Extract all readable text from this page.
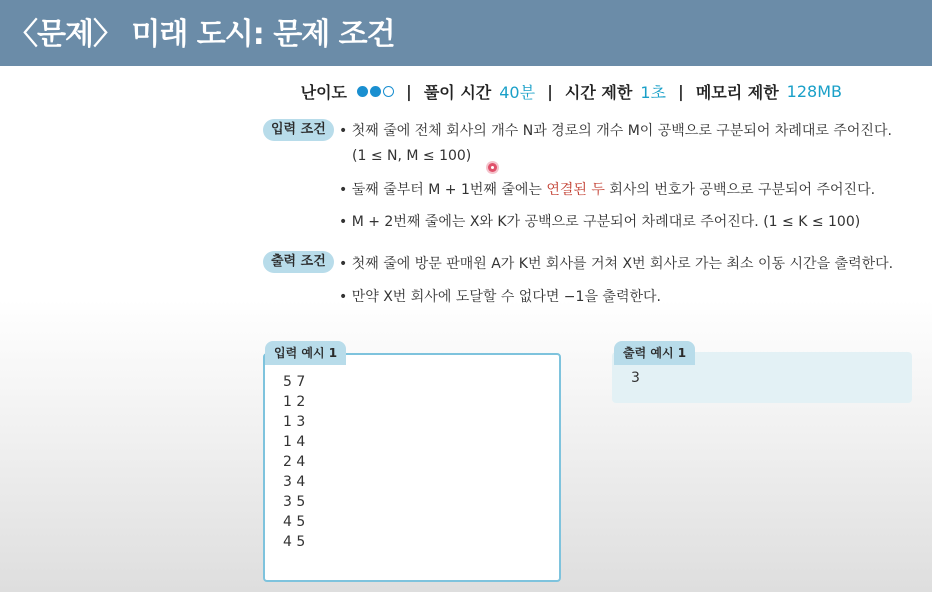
〈문제〉 미래 도시: 문제 조건
난이도	| 풀이 시간 40분 | 시간 제한 1초 | 메모리 제한 128MB
입력 조건 • 첫째 줄에 전체 회사의 개수 N과 경로의 개수 M이 공백으로 구분되어 차례대로 주어진다.
(1 ≤ N, M ≤ 100)
• 둘째 줄부터 M + 1번째 줄에는 연결된 두 회사의 번호가 공백으로 구분되어 주어진다.
• M + 2번째 줄에는 X와 K가 공백으로 구분되어 차례대로 주어진다. (1 ≤ K ≤ 100)
출력 조건 • 첫째 줄에 방문 판매원 A가 K번 회사를 거쳐 X번 회사로 가는 최소 이동 시간을 출력한다.
• 만약 X번 회사에 도달할 수 없다면 −1을 출력한다.
입력 예시 1
5 7
1 2
1 3
1 4
2 4
3 4
3 5
4 5
4 5
출력 예시 1
3
